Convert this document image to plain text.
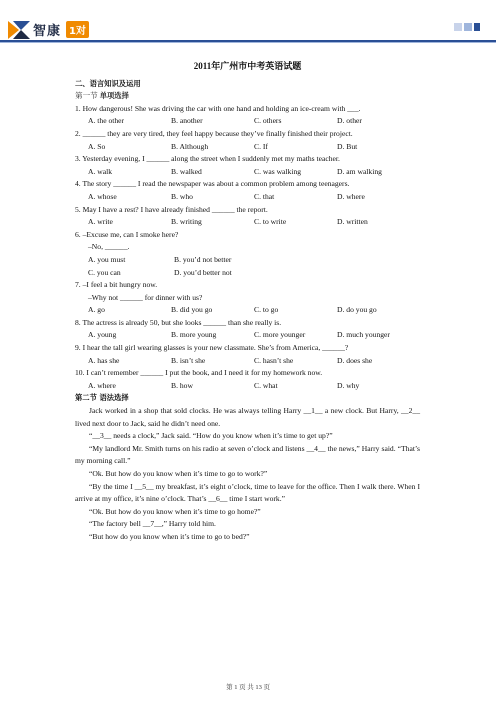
智康 1对
2011年广州市中考英语试题
二、语言知识及运用
第一节 单项选择
1. How dangerous! She was driving the car with one hand and holding an ice-cream with ___.
A. the other	B. another	C. others	D. other
2. ______ they are very tired, they feel happy because they’ve finally finished their project.
A. So	B. Although	C. If	D. But
3. Yesterday evening, I ______ along the street when I suddenly met my maths teacher.
A. walk	B. walked	C. was walking	D. am walking
4. The story ______ I read the newspaper was about a common problem among teenagers.
A. whose	B. who	C. that	D. where
5. May I have a rest? I have already finished ______ the report.
A. write	B. writing	C. to write	D. written
6. –Excuse me, can I smoke here?
–No, ______.
A. you must	B. you’d not better
C. you can	D. you’d better not
7. –I feel a bit hungry now.
–Why not ______ for dinner with us?
A. go	B. did you go	C. to go	D. do you go
8. The actress is already 50, but she looks ______ than she really is.
A. young	B. more young	C. more younger	D. much younger
9. I hear the tall girl wearing glasses is your new classmate. She’s from America, ______?
A. has she	B. isn’t she	C. hasn’t she	D. does she
10. I can’t remember ______ I put the book, and I need it for my homework now.
A. where	B. how	C. what	D. why
第二节 语法选择
Jack worked in a shop that sold clocks. He was always telling Harry __1__ a new clock. But Harry, __2__ lived next door to Jack, said he didn’t need one.
“__3__ needs a clock,” Jack said. “How do you know when it’s time to get up?”
“My landlord Mr. Smith turns on his radio at seven o’clock and listens __4__ the news,” Harry said. “That’s my morning call.”
“Ok. But how do you know when it’s time to go to work?”
“By the time I __5__ my breakfast, it’s eight o’clock, time to leave for the office. Then I walk there. When I arrive at my office, it’s nine o’clock. That’s __6__ time I start work.”
“Ok. But how do you know when it’s time to go home?”
“The factory bell __7__,” Harry told him.
“But how do you know when it’s time to go to bed?”
第 1 页 共 13 页
